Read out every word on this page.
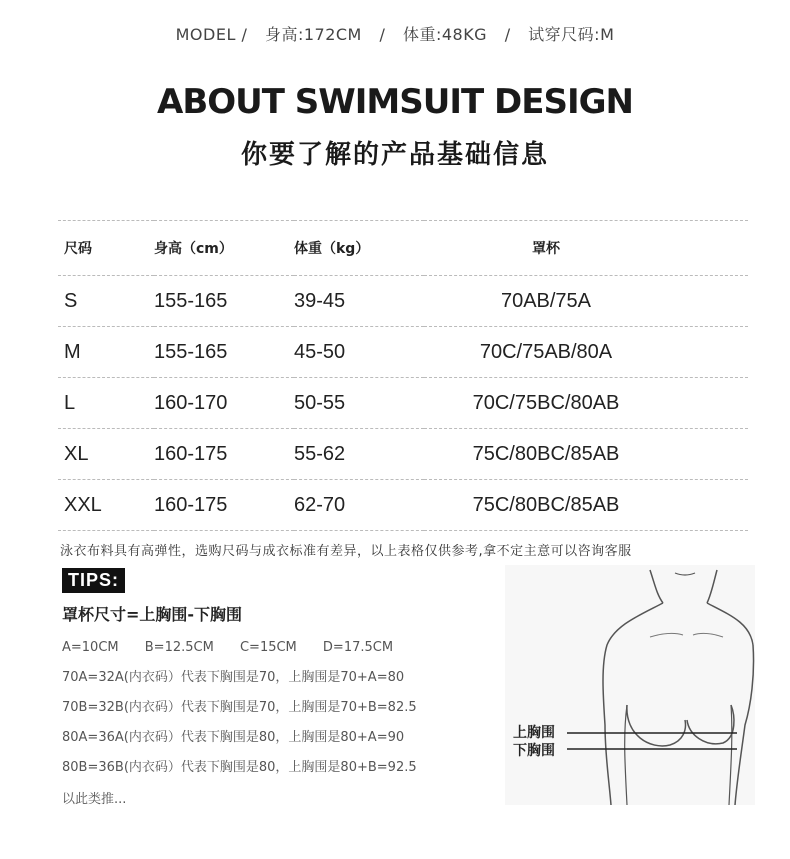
MODEL / 身高:172CM / 体重:48KG / 试穿尺码:M
ABOUT SWIMSUIT DESIGN
你要了解的产品基础信息
尺码	身高（cm）	体重（kg）	罩杯
S	155-165	39-45	70AB/75A
M	155-165	45-50	70C/75AB/80A
L	160-170	50-55	70C/75BC/80AB
XL	160-175	55-62	75C/80BC/85AB
XXL	160-175	62-70	75C/80BC/85AB
泳衣布料具有高弹性，选购尺码与成衣标准有差异，以上表格仅供参考,拿不定主意可以咨询客服
TIPS:
罩杯尺寸=上胸围-下胸围
A=10CM B=12.5CM C=15CM D=17.5CM
70A=32A(内衣码）代表下胸围是70，上胸围是70+A=80
70B=32B(内衣码）代表下胸围是70，上胸围是70+B=82.5
80A=36A(内衣码）代表下胸围是80，上胸围是80+A=90
80B=36B(内衣码）代表下胸围是80，上胸围是80+B=92.5
以此类推...
上胸围
下胸围
